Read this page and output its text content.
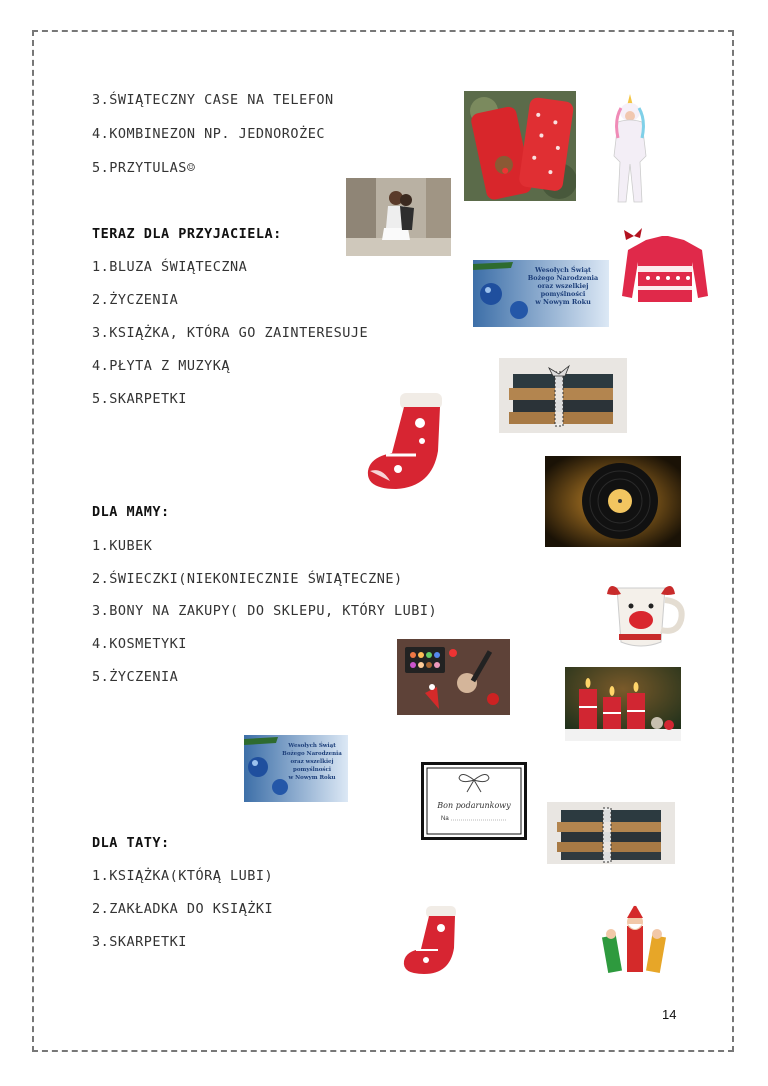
3.ŚWIĄTECZNY CASE NA TELEFON
4.KOMBINEZON NP. JEDNOROŻEC
5.PRZYTULAS☺
TERAZ DLA PRZYJACIELA:
1.BLUZA ŚWIĄTECZNA
2.ŻYCZENIA
3.KSIĄŻKA, KTÓRA GO ZAINTERESUJE
4.PŁYTA Z MUZYKĄ
5.SKARPETKI
DLA MAMY:
1.KUBEK
2.ŚWIECZKI(NIEKONIECZNIE ŚWIĄTECZNE)
3.BONY NA ZAKUPY( DO SKLEPU, KTÓRY LUBI)
4.KOSMETYKI
5.ŻYCZENIA
DLA TATY:
1.KSIĄŻKA(KTÓRĄ LUBI)
2.ZAKŁADKA DO KSIĄŻKI
3.SKARPETKI
Wesołych Świąt
Bożego Narodzenia
oraz wszelkiej
pomyślności
w Nowym Roku
Wesołych Świąt
Bożego Narodzenia
oraz wszelkiej
pomyślności
w Nowym Roku
Bon podarunkowy
Na
14
